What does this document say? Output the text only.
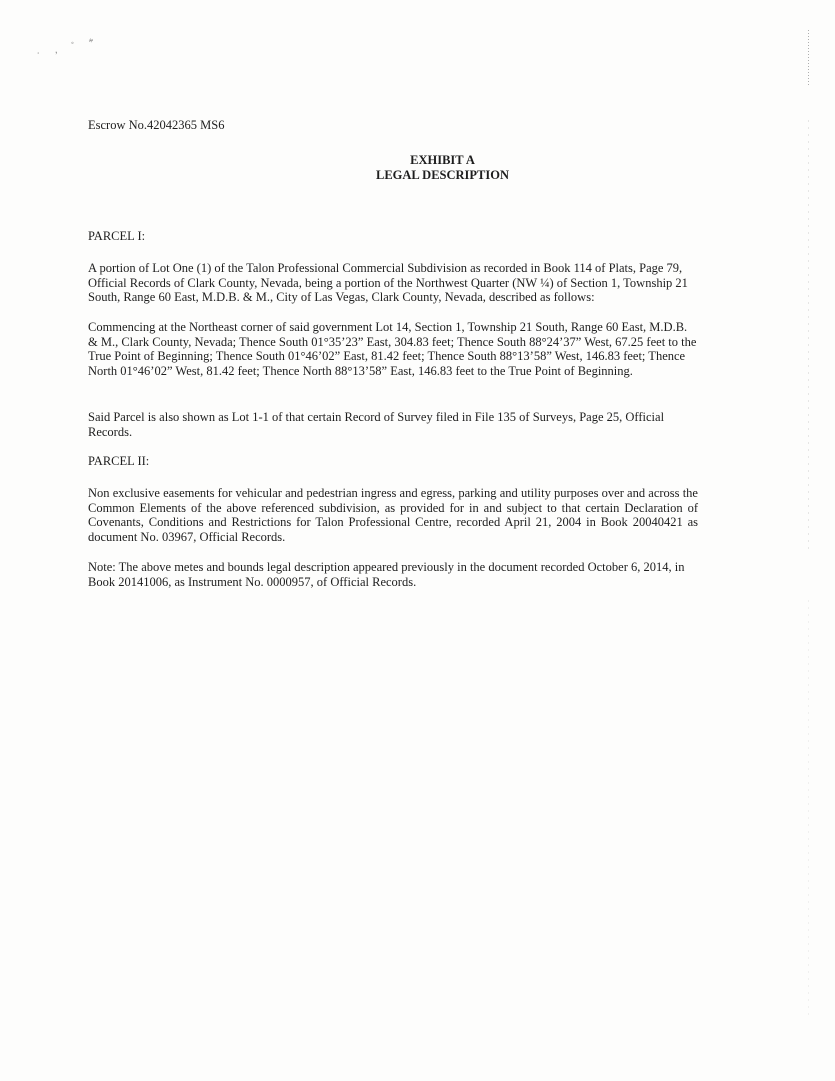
· ‚ ˚ *
Escrow No.42042365 MS6
EXHIBIT A
LEGAL DESCRIPTION
PARCEL I:
A portion of Lot One (1) of the Talon Professional Commercial Subdivision as recorded in Book 114 of Plats, Page 79, Official Records of Clark County, Nevada, being a portion of the Northwest Quarter (NW ¼) of Section 1, Township 21 South, Range 60 East, M.D.B. & M., City of Las Vegas, Clark County, Nevada, described as follows:
Commencing at the Northeast corner of said government Lot 14, Section 1, Township 21 South, Range 60 East, M.D.B. & M., Clark County, Nevada; Thence South 01°35’23” East, 304.83 feet; Thence South 88°24’37” West, 67.25 feet to the True Point of Beginning; Thence South 01°46’02” East, 81.42 feet; Thence South 88°13’58” West, 146.83 feet; Thence North 01°46’02” West, 81.42 feet; Thence North 88°13’58” East, 146.83 feet to the True Point of Beginning.
Said Parcel is also shown as Lot 1-1 of that certain Record of Survey filed in File 135 of Surveys, Page 25, Official Records.
PARCEL II:
Non exclusive easements for vehicular and pedestrian ingress and egress, parking and utility purposes over and across the Common Elements of the above referenced subdivision, as provided for in and subject to that certain Declaration of Covenants, Conditions and Restrictions for Talon Professional Centre, recorded April 21, 2004 in Book 20040421 as document No. 03967, Official Records.
Note: The above metes and bounds legal description appeared previously in the document recorded October 6, 2014, in Book 20141006, as Instrument No. 0000957, of Official Records.
